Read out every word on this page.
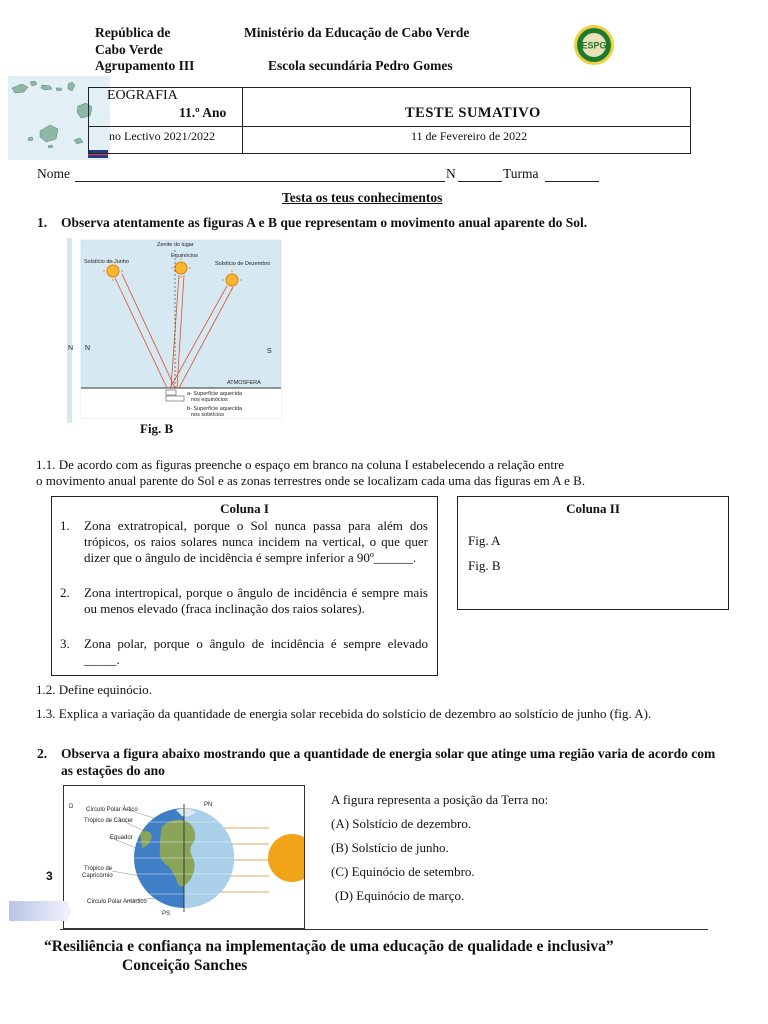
República de
Cabo Verde
Agrupamento III
Ministério da Educação de Cabo Verde
Escola secundária Pedro Gomes
ESPG
EOGRAFIA
11.º Ano	TESTE SUMATIVO
no Lectivo 2021/2022	11 de Fevereiro de 2022
Nome	N	Turma
Testa os teus conhecimentos
1. Observa atentamente as figuras A e B que representam o movimento anual aparente do Sol.
Zenite do lugar
Equinócios
Solstício de Junho	Solstício de Dezembro
N	S
ATMOSFERA
a- Superfície aquecida
nos equinócios
b- Superfície aquecida
nos solstícios
N
Fig. B
1.1. De acordo com as figuras preenche o espaço em branco na coluna I estabelecendo a relação entre
o movimento anual parente do Sol e as zonas terrestres onde se localizam cada uma das figuras em A e B.
Coluna I
1. Zona extratropical, porque o Sol nunca passa para além dos trópicos, os raios solares nunca incidem na vertical, o que quer dizer que o ângulo de incidência é sempre inferior a 90º______.

2. Zona intertropical, porque o ângulo de incidência é sempre mais ou menos elevado (fraca inclinação dos raios solares).

3. Zona polar, porque o ângulo de incidência é sempre elevado _____.

Coluna II
Fig. A
Fig. B
1.2. Define equinócio.
1.3. Explica a variação da quantidade de energia solar recebida do solstício de dezembro ao solstício de junho (fig. A).
2. Observa a figura abaixo mostrando que a quantidade de energia solar que atinge uma região varia de acordo com as estações do ano
D Círculo Polar Ártico
Trópico de Câncer
Equador
Trópico de
Capricórnio
Círculo Polar Antártico
PN
PS
3
A figura representa a posição da Terra no:
(A) Solstício de dezembro.
(B) Solstício de junho.
(C) Equinócio de setembro.
(D) Equinócio de março.
“Resiliência e confiança na implementação de uma educação de qualidade e inclusiva”
Conceição Sanches
